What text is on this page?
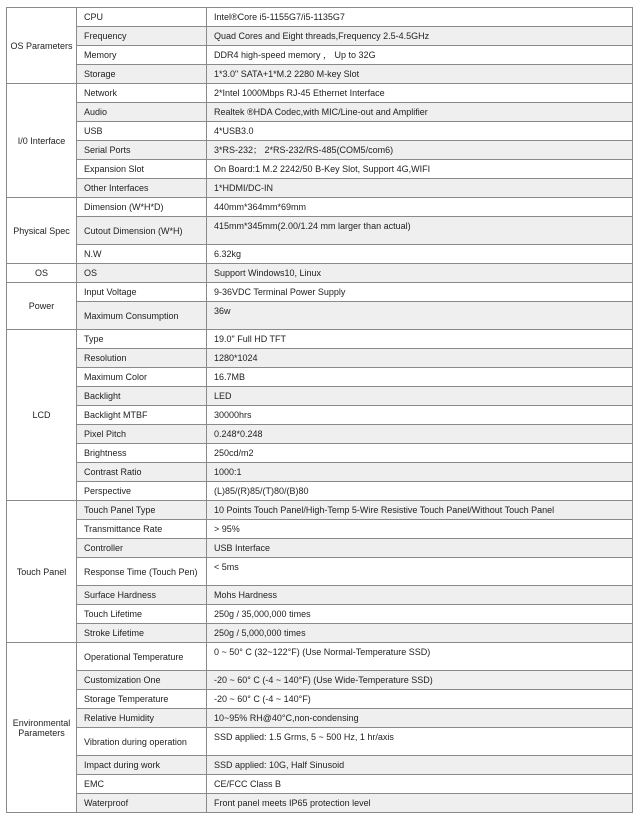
OS Parameters	CPU	Intel®Core i5-1155G7/i5-1135G7
	Frequency	Quad Cores and Eight threads,Frequency 2.5-4.5GHz
	Memory	DDR4 high-speed memory ， Up to 32G
	Storage	1*3.0" SATA+1*M.2 2280 M-key Slot
I/0 Interface	Network	2*Intel 1000Mbps RJ-45 Ethernet Interface
	Audio	Realtek ®HDA Codec,with MIC/Line-out and Amplifier
	USB	4*USB3.0
	Serial Ports	3*RS-232； 2*RS-232/RS-485(COM5/com6)
	Expansion Slot	On Board:1 M.2 2242/50 B-Key Slot, Support 4G,WIFI
	Other Interfaces	1*HDMI/DC-IN
Physical Spec	Dimension (W*H*D)	440mm*364mm*69mm
	Cutout Dimension (W*H)	415mm*345mm(2.00/1.24 mm larger than actual)
	N.W	6.32kg
OS	OS	Support Windows10, Linux
Power	Input Voltage	9-36VDC Terminal Power Supply
	Maximum Consumption	36w
LCD	Type	19.0" Full HD TFT
	Resolution	1280*1024
	Maximum Color	16.7MB
	Backlight	LED
	Backlight MTBF	30000hrs
	Pixel Pitch	0.248*0.248
	Brightness	250cd/m2
	Contrast Ratio	1000:1
	Perspective	(L)85/(R)85/(T)80/(B)80
Touch Panel	Touch Panel Type	10 Points Touch Panel/High-Temp 5-Wire Resistive Touch Panel/Without Touch Panel
	Transmittance Rate	> 95%
	Controller	USB Interface
	Response Time (Touch Pen)	< 5ms
	Surface Hardness	Mohs Hardness
	Touch Lifetime	250g / 35,000,000 times
	Stroke Lifetime	250g / 5,000,000 times
Environmental Parameters	Operational Temperature	0 ~ 50° C (32~122°F) (Use Normal-Temperature SSD)
	Customization One	-20 ~ 60° C (-4 ~ 140°F) (Use Wide-Temperature SSD)
	Storage Temperature	-20 ~ 60° C (-4 ~ 140°F)
	Relative Humidity	10~95% RH@40°C,non-condensing
	Vibration during operation	SSD applied: 1.5 Grms, 5 ~ 500 Hz, 1 hr/axis
	Impact during work	SSD applied: 10G, Half Sinusoid
	EMC	CE/FCC Class B
	Waterproof	Front panel meets IP65 protection level
